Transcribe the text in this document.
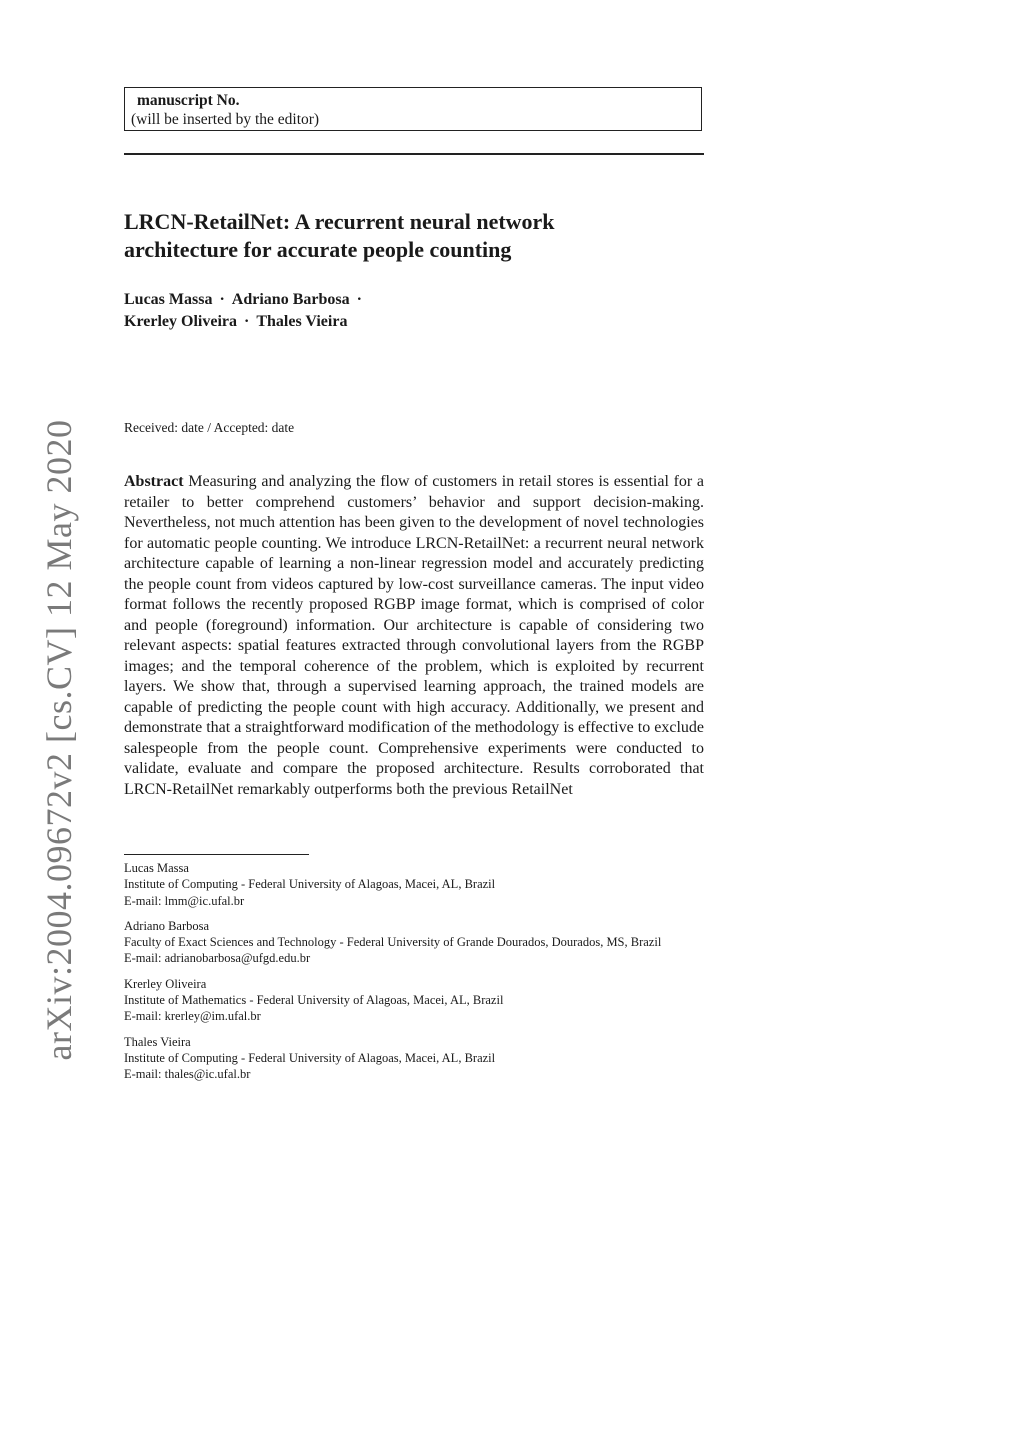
manuscript No.
(will be inserted by the editor)
LRCN-RetailNet: A recurrent neural network
architecture for accurate people counting
Lucas Massa · Adriano Barbosa ·
Krerley Oliveira · Thales Vieira
Received: date / Accepted: date

Abstract Measuring and analyzing the flow of customers in retail stores is essential for a retailer to better comprehend customers’ behavior and support decision-making. Nevertheless, not much attention has been given to the development of novel technologies for automatic people counting. We introduce LRCN-RetailNet: a recurrent neural network architecture capable of learning a non-linear regression model and accurately predicting the people count from videos captured by low-cost surveillance cameras. The input video format follows the recently proposed RGBP image format, which is comprised of color and people (foreground) information. Our architecture is capable of considering two relevant aspects: spatial features extracted through convolutional layers from the RGBP images; and the temporal coherence of the problem, which is exploited by recurrent layers. We show that, through a supervised learning approach, the trained models are capable of predicting the people count with high accuracy. Additionally, we present and demonstrate that a straightforward modification of the methodology is effective to exclude salespeople from the people count. Comprehensive experiments were conducted to validate, evaluate and compare the proposed architecture. Results corroborated that LRCN-RetailNet remarkably outperforms both the previous RetailNet

Lucas Massa
Institute of Computing - Federal University of Alagoas, Macei, AL, Brazil
E-mail: lmm@ic.ufal.br
Adriano Barbosa
Faculty of Exact Sciences and Technology - Federal University of Grande Dourados, Dourados, MS, Brazil
E-mail: adrianobarbosa@ufgd.edu.br
Krerley Oliveira
Institute of Mathematics - Federal University of Alagoas, Macei, AL, Brazil
E-mail: krerley@im.ufal.br
Thales Vieira
Institute of Computing - Federal University of Alagoas, Macei, AL, Brazil
E-mail: thales@ic.ufal.br
arXiv:2004.09672v2 [cs.CV] 12 May 2020
